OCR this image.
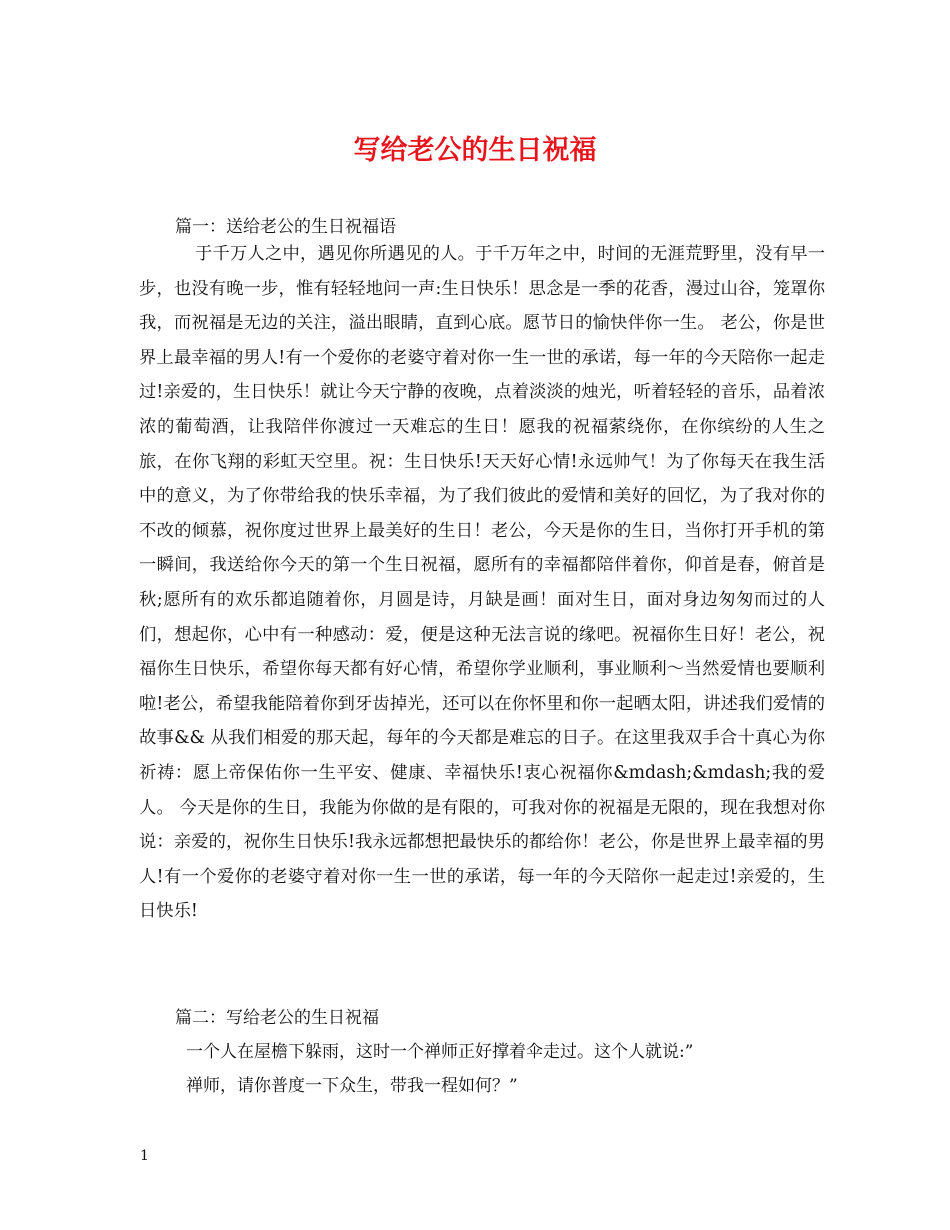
写给老公的生日祝福
篇一：送给老公的生日祝福语

于千万人之中，遇见你所遇见的人。于千万年之中，时间的无涯荒野里，没有早一步，也没有晚一步，惟有轻轻地问一声:生日快乐！思念是一季的花香，漫过山谷，笼罩你我，而祝福是无边的关注，溢出眼睛，直到心底。愿节日的愉快伴你一生。 老公，你是世界上最幸福的男人!有一个爱你的老婆守着对你一生一世的承诺，每一年的今天陪你一起走过!亲爱的，生日快乐！就让今天宁静的夜晚，点着淡淡的烛光，听着轻轻的音乐，品着浓浓的葡萄酒，让我陪伴你渡过一天难忘的生日！愿我的祝福萦绕你，在你缤纷的人生之旅，在你飞翔的彩虹天空里。祝：生日快乐!天天好心情!永远帅气！为了你每天在我生活中的意义，为了你带给我的快乐幸福，为了我们彼此的爱情和美好的回忆，为了我对你的不改的倾慕，祝你度过世界上最美好的生日！老公，今天是你的生日，当你打开手机的第一瞬间，我送给你今天的第一个生日祝福，愿所有的幸福都陪伴着你，仰首是春，俯首是秋;愿所有的欢乐都追随着你，月圆是诗，月缺是画！面对生日，面对身边匆匆而过的人们，想起你，心中有一种感动：爱，便是这种无法言说的缘吧。祝福你生日好！老公，祝福你生日快乐，希望你每天都有好心情，希望你学业顺利，事业顺利～当然爱情也要顺利啦!老公，希望我能陪着你到牙齿掉光，还可以在你怀里和你一起晒太阳，讲述我们爱情的故事&& 从我们相爱的那天起，每年的今天都是难忘的日子。在这里我双手合十真心为你祈祷：愿上帝保佑你一生平安、健康、幸福快乐!衷心祝福你&mdash;&mdash;我的爱人。 今天是你的生日，我能为你做的是有限的，可我对你的祝福是无限的，现在我想对你说：亲爱的，祝你生日快乐!我永远都想把最快乐的都给你！老公，你是世界上最幸福的男人!有一个爱你的老婆守着对你一生一世的承诺，每一年的今天陪你一起走过!亲爱的，生日快乐!

篇二：写给老公的生日祝福
一个人在屋檐下躲雨，这时一个禅师正好撑着伞走过。这个人就说:”
禅师，请你普度一下众生，带我一程如何？”
1
